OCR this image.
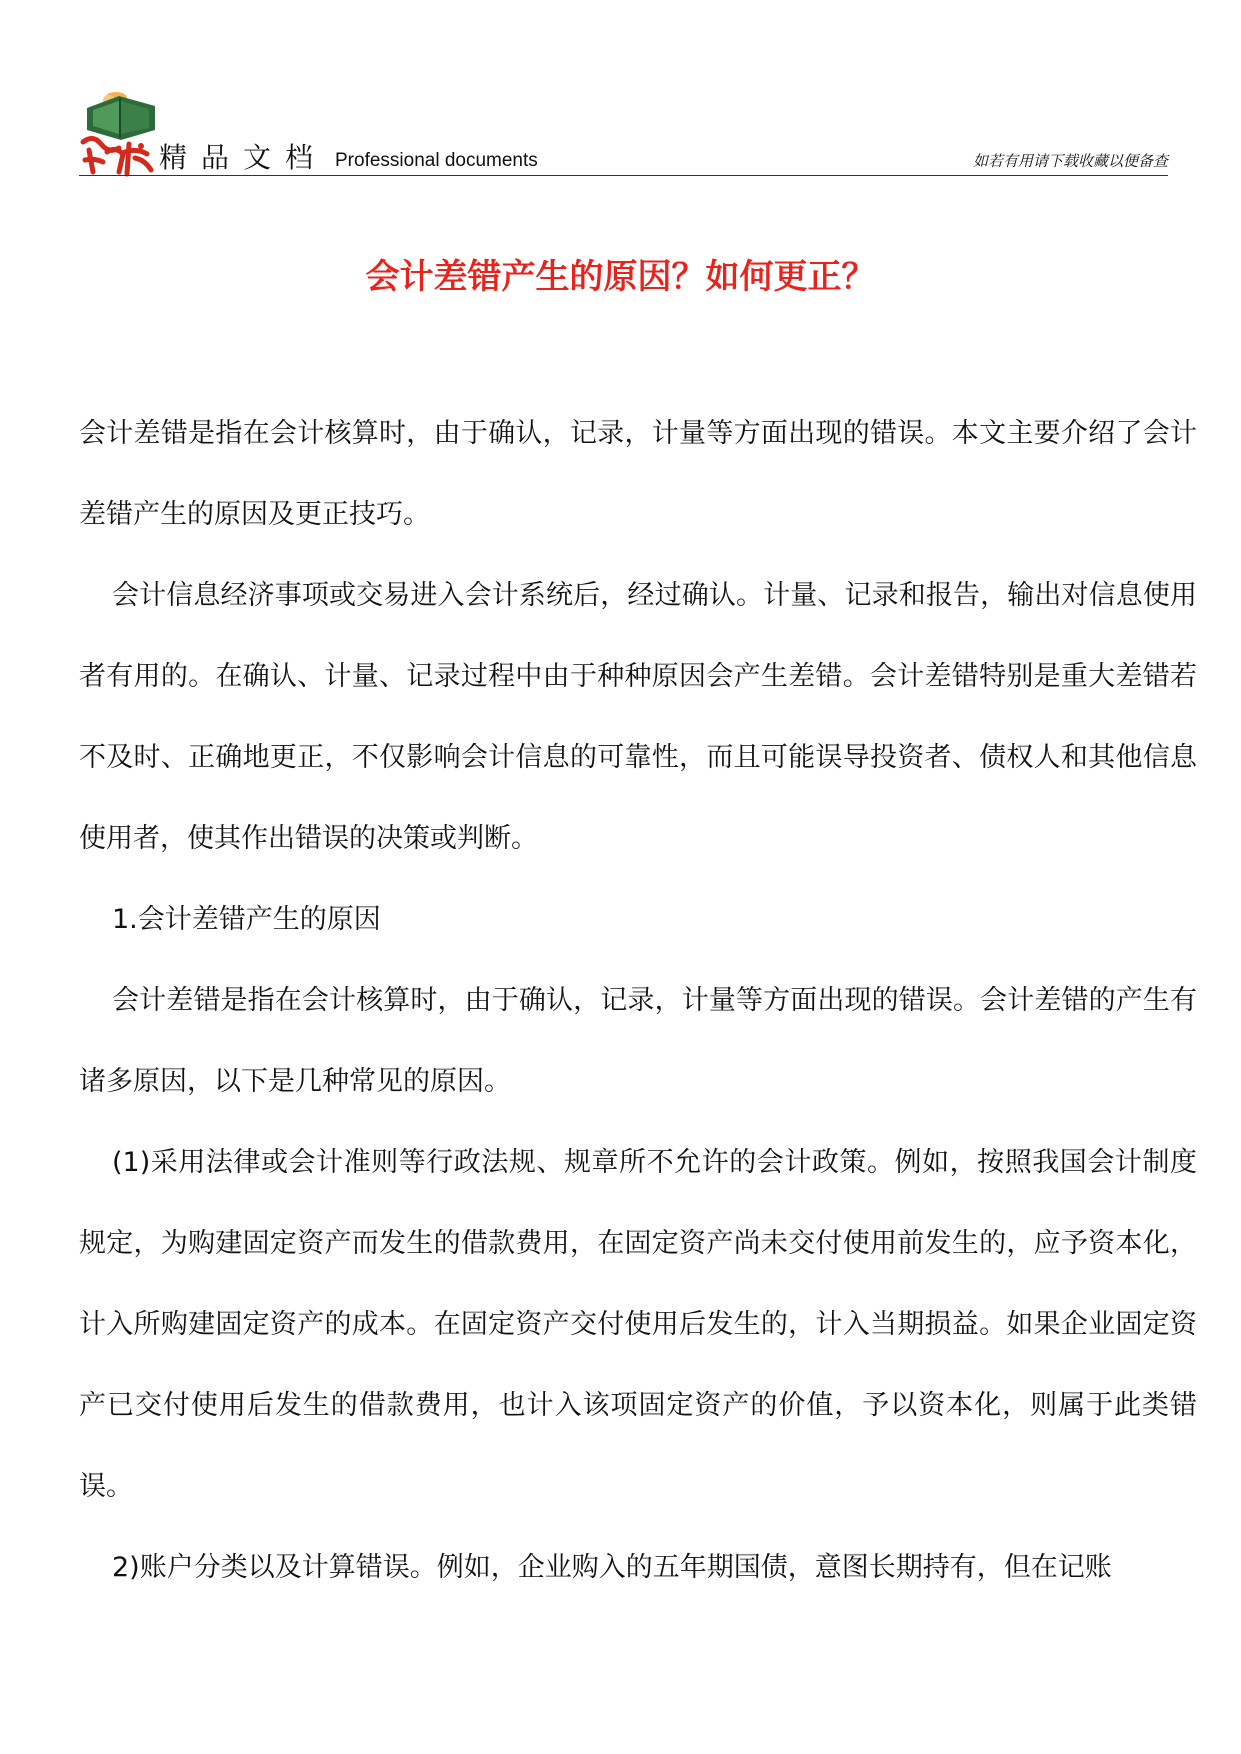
精品文档 Professional documents	如若有用请下载收藏以便备查
会计差错产生的原因？如何更正？

会计差错是指在会计核算时，由于确认，记录，计量等方面出现的错误。本文主要介绍了会计差错产生的原因及更正技巧。

会计信息经济事项或交易进入会计系统后，经过确认。计量、记录和报告，输出对信息使用者有用的。在确认、计量、记录过程中由于种种原因会产生差错。会计差错特别是重大差错若不及时、正确地更正，不仅影响会计信息的可靠性，而且可能误导投资者、债权人和其他信息使用者，使其作出错误的决策或判断。

1.会计差错产生的原因

会计差错是指在会计核算时，由于确认，记录，计量等方面出现的错误。会计差错的产生有诸多原因，以下是几种常见的原因。

(1)采用法律或会计准则等行政法规、规章所不允许的会计政策。例如，按照我国会计制度规定，为购建固定资产而发生的借款费用，在固定资产尚未交付使用前发生的，应予资本化，计入所购建固定资产的成本。在固定资产交付使用后发生的，计入当期损益。如果企业固定资产已交付使用后发生的借款费用，也计入该项固定资产的价值，予以资本化，则属于此类错误。

2)账户分类以及计算错误。例如，企业购入的五年期国债，意图长期持有，但在记账
